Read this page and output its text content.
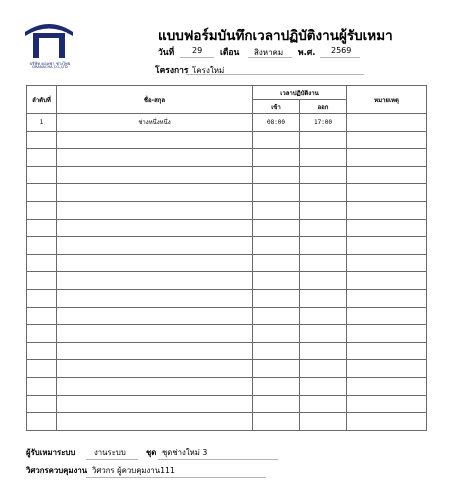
บริษัท ดอลฟา ช่างไทย
DRANACHA CO.,LTD
แบบฟอร์มบันทึกเวลาปฏิบัติงานผู้รับเหมา
วันที่ 29 เดือน สิงหาคม พ.ศ. 2569
โครงการ โครงใหม่
ลำดับที่	ชื่อ-สกุล	เวลาปฏิบัติงาน		หมายเหตุ
		เข้า	ออก	
1	ช่างหนึ่งหนึ่ง	08:00	17:00	

ผู้รับเหมาระบบ งานระบบ	ชุด ชุดช่างใหม่ 3
วิศวกรควบคุมงาน วิศวกร ผู้ควบคุมงาน111
